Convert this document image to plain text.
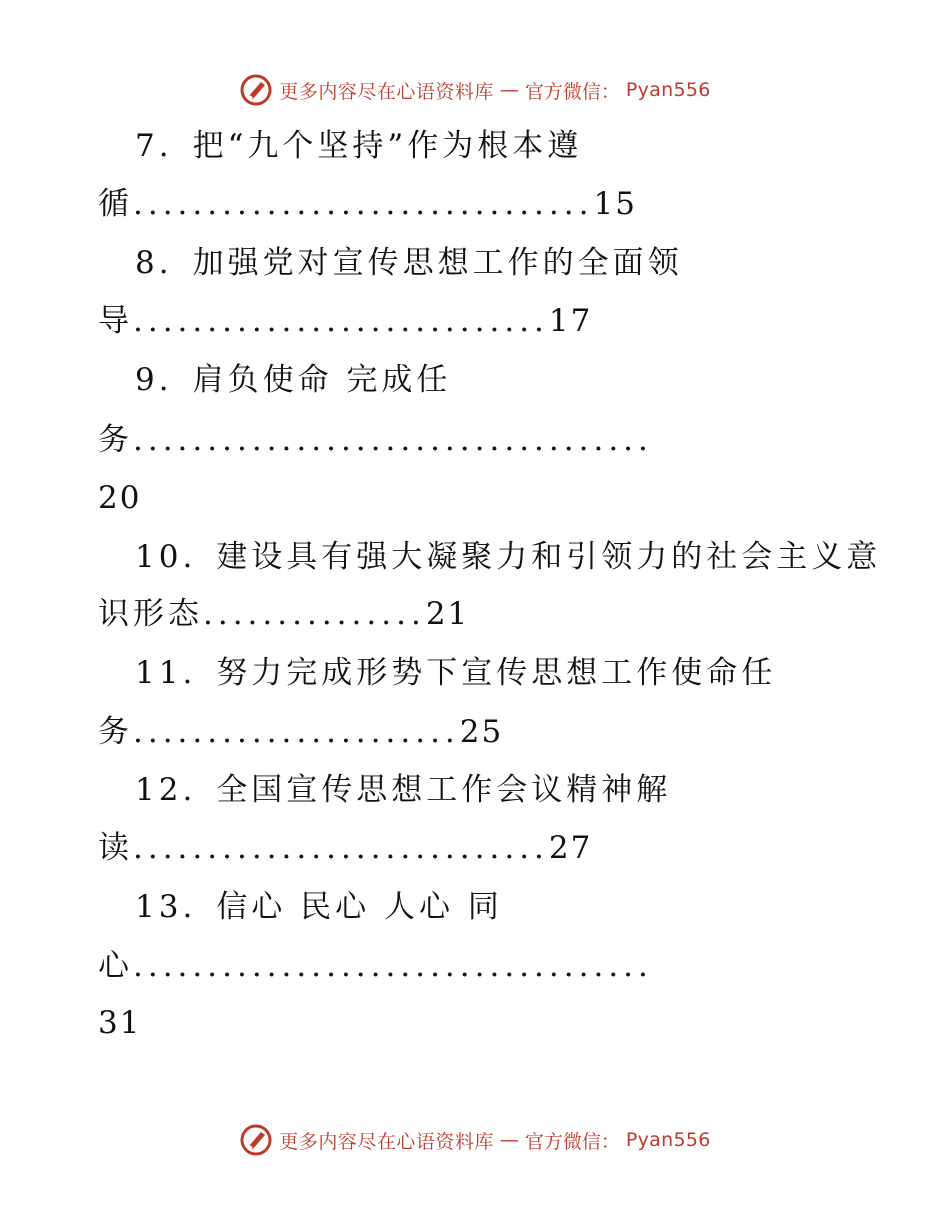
更多内容尽在心语资料库 — 官方微信： Pyan556
7. 把“九个坚持”作为根本遵
循...............................15
8. 加强党对宣传思想工作的全面领
导............................17
9. 肩负使命 完成任
务...................................
20
10. 建设具有强大凝聚力和引领力的社会主义意
识形态...............21
11. 努力完成形势下宣传思想工作使命任
务......................25
12. 全国宣传思想工作会议精神解
读............................27
13. 信心 民心 人心 同
心...................................
31
更多内容尽在心语资料库 — 官方微信： Pyan556
